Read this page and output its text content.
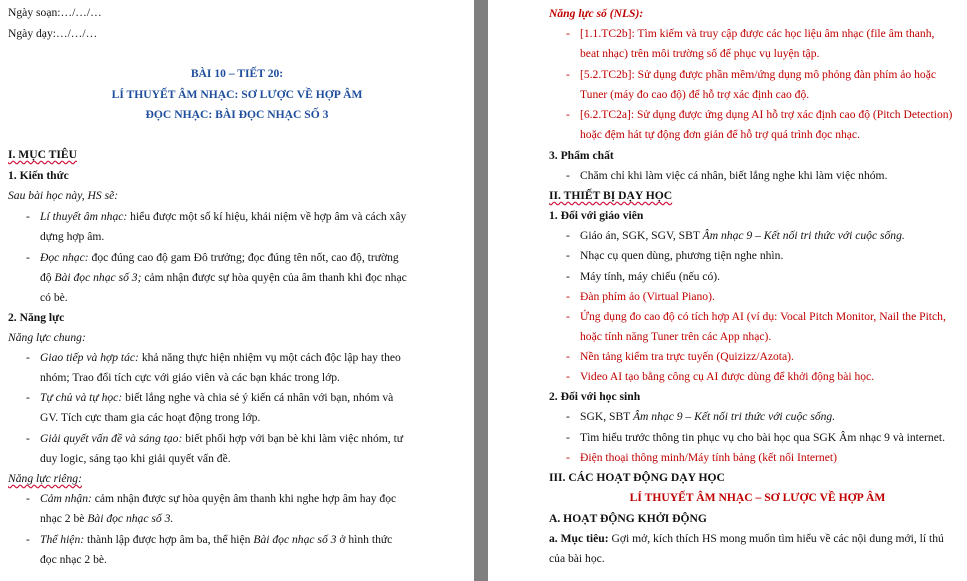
Ngày soạn:…/…/…
Ngày dạy:…/…/…
BÀI 10 – TIẾT 20:
LÍ THUYẾT ÂM NHẠC: SƠ LƯỢC VỀ HỢP ÂM
ĐỌC NHẠC: BÀI ĐỌC NHẠC SỐ 3
I. MỤC TIÊU
1. Kiến thức
Sau bài học này, HS sẽ:
- Lí thuyết âm nhạc: hiểu được một số kí hiệu, khái niệm về hợp âm và cách xây
dựng hợp âm.
- Đọc nhạc: đọc đúng cao độ gam Đô trưởng; đọc đúng tên nốt, cao độ, trường
độ Bài đọc nhạc số 3; cảm nhận được sự hòa quyện của âm thanh khi đọc nhạc
có bè.
2. Năng lực
Năng lực chung:
- Giao tiếp và hợp tác: khả năng thực hiện nhiệm vụ một cách độc lập hay theo
nhóm; Trao đổi tích cực với giáo viên và các bạn khác trong lớp.
- Tự chủ và tự học: biết lắng nghe và chia sẻ ý kiến cá nhân với bạn, nhóm và
GV. Tích cực tham gia các hoạt động trong lớp.
- Giải quyết vấn đề và sáng tạo: biết phối hợp với bạn bè khi làm việc nhóm, tư
duy logic, sáng tạo khi giải quyết vấn đề.
Năng lực riêng:
- Cảm nhận: cảm nhận được sự hòa quyện âm thanh khi nghe hợp âm hay đọc
nhạc 2 bè Bài đọc nhạc số 3.
- Thể hiện: thành lập được hợp âm ba, thể hiện Bài đọc nhạc số 3 ở hình thức
đọc nhạc 2 bè.
Năng lực số (NLS):
- [1.1.TC2b]: Tìm kiếm và truy cập được các học liệu âm nhạc (file âm thanh,
beat nhạc) trên môi trường số để phục vụ luyện tập.
- [5.2.TC2b]: Sử dụng được phần mềm/ứng dụng mô phỏng đàn phím ảo hoặc
Tuner (máy đo cao độ) để hỗ trợ xác định cao độ.
- [6.2.TC2a]: Sử dụng được ứng dụng AI hỗ trợ xác định cao độ (Pitch Detection)
hoặc đệm hát tự động đơn giản để hỗ trợ quá trình đọc nhạc.
3. Phẩm chất
- Chăm chỉ khi làm việc cá nhân, biết lắng nghe khi làm việc nhóm.
II. THIẾT BỊ DẠY HỌC
1. Đối với giáo viên
- Giáo án, SGK, SGV, SBT Âm nhạc 9 – Kết nối tri thức với cuộc sống.
- Nhạc cụ quen dùng, phương tiện nghe nhìn.
- Máy tính, máy chiếu (nếu có).
- Đàn phím ảo (Virtual Piano).
- Ứng dụng đo cao độ có tích hợp AI (ví dụ: Vocal Pitch Monitor, Nail the Pitch,
hoặc tính năng Tuner trên các App nhạc).
- Nền tảng kiểm tra trực tuyến (Quizizz/Azota).
- Video AI tạo bằng công cụ AI được dùng để khởi động bài học.
2. Đối với học sinh
- SGK, SBT Âm nhạc 9 – Kết nối tri thức với cuộc sống.
- Tìm hiểu trước thông tin phục vụ cho bài học qua SGK Âm nhạc 9 và internet.
- Điện thoại thông minh/Máy tính bảng (kết nối Internet)
III. CÁC HOẠT ĐỘNG DẠY HỌC
LÍ THUYẾT ÂM NHẠC – SƠ LƯỢC VỀ HỢP ÂM
A. HOẠT ĐỘNG KHỞI ĐỘNG
a. Mục tiêu: Gợi mở, kích thích HS mong muốn tìm hiểu về các nội dung mới, lí thú
của bài học.
